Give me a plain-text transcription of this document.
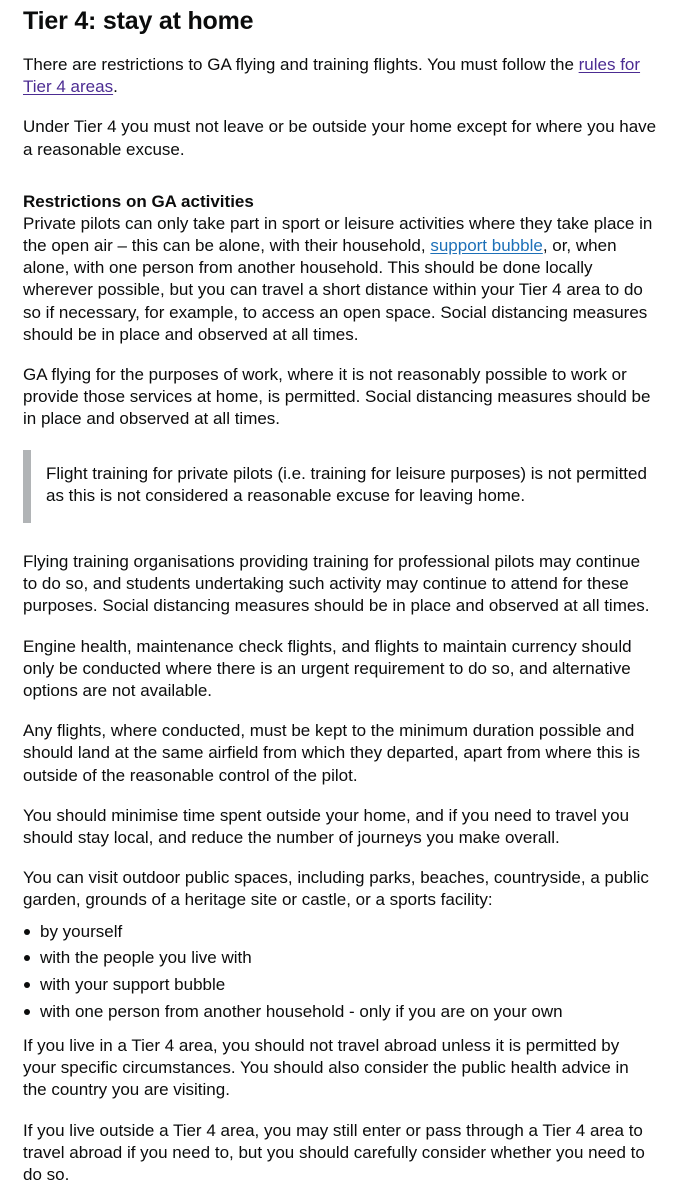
Tier 4: stay at home

There are restrictions to GA flying and training flights. You must follow the rules for Tier 4 areas.

Under Tier 4 you must not leave or be outside your home except for where you have a reasonable excuse.

Restrictions on GA activities

Private pilots can only take part in sport or leisure activities where they take place in the open air – this can be alone, with their household, support bubble, or, when alone, with one person from another household. This should be done locally wherever possible, but you can travel a short distance within your Tier 4 area to do so if necessary, for example, to access an open space. Social distancing measures should be in place and observed at all times.

GA flying for the purposes of work, where it is not reasonably possible to work or provide those services at home, is permitted. Social distancing measures should be in place and observed at all times.

Flight training for private pilots (i.e. training for leisure purposes) is not permitted as this is not considered a reasonable excuse for leaving home.

Flying training organisations providing training for professional pilots may continue to do so, and students undertaking such activity may continue to attend for these purposes. Social distancing measures should be in place and observed at all times.

Engine health, maintenance check flights, and flights to maintain currency should only be conducted where there is an urgent requirement to do so, and alternative options are not available.

Any flights, where conducted, must be kept to the minimum duration possible and should land at the same airfield from which they departed, apart from where this is outside of the reasonable control of the pilot.

You should minimise time spent outside your home, and if you need to travel you should stay local, and reduce the number of journeys you make overall.

You can visit outdoor public spaces, including parks, beaches, countryside, a public garden, grounds of a heritage site or castle, or a sports facility:

by yourself
with the people you live with
with your support bubble
with one person from another household - only if you are on your own

If you live in a Tier 4 area, you should not travel abroad unless it is permitted by your specific circumstances. You should also consider the public health advice in the country you are visiting.

If you live outside a Tier 4 area, you may still enter or pass through a Tier 4 area to travel abroad if you need to, but you should carefully consider whether you need to do so.
